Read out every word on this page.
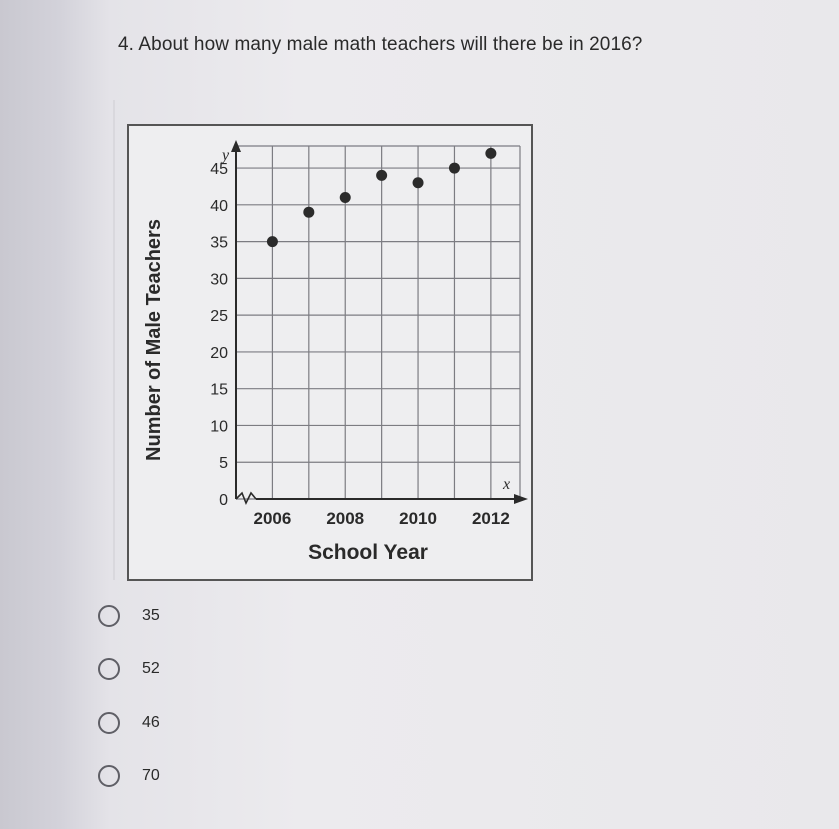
4. About how many male math teachers will there be in 2016?
0
5
10
15
20
25
30
35
40
45
2006 2008 2010 2012
Number of Male Teachers
School Year
y
x
35
52
46
70
